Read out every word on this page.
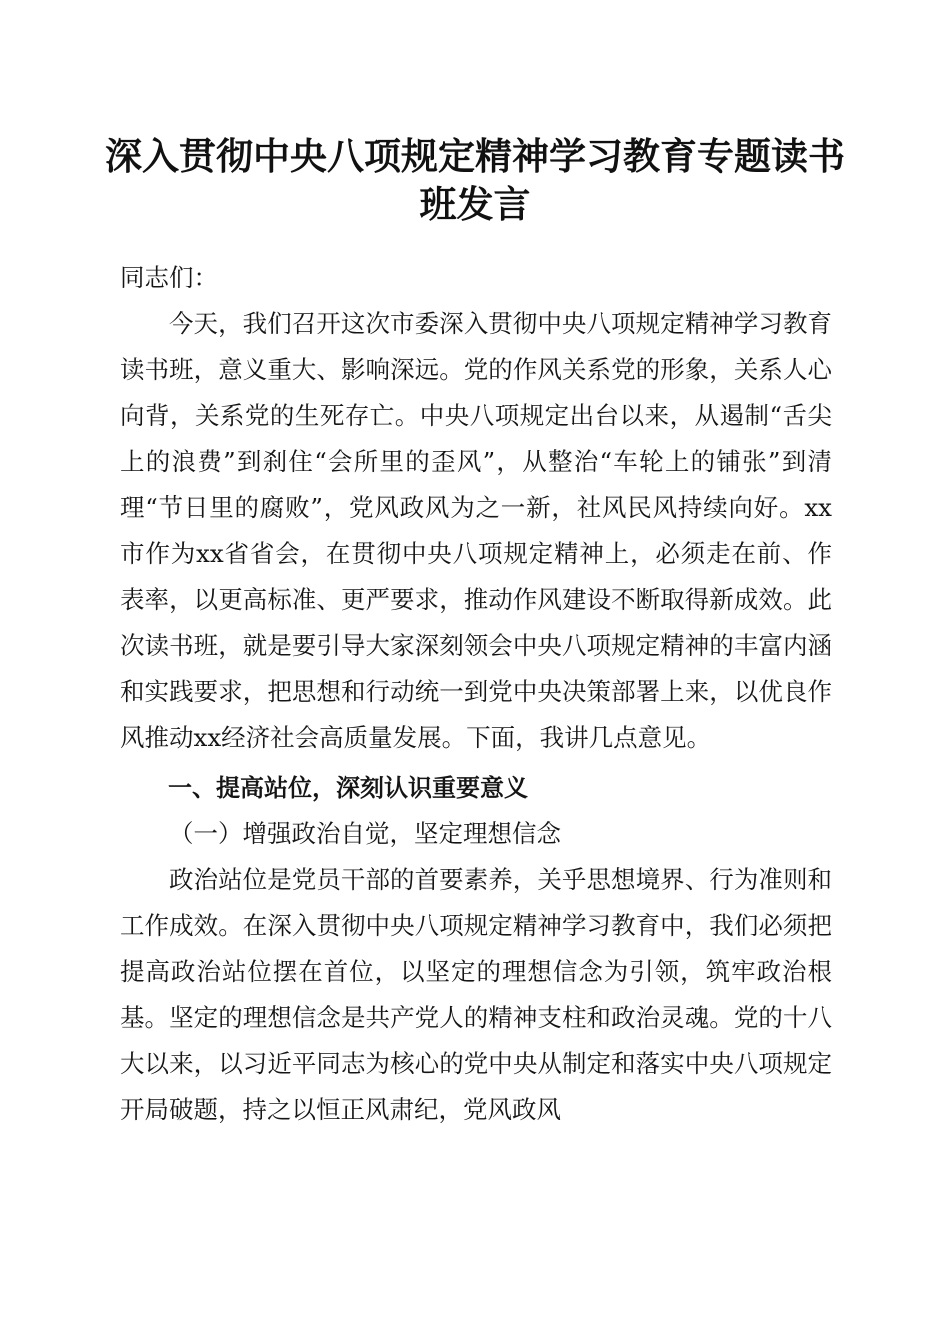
深入贯彻中央八项规定精神学习教育专题读书班发言

同志们：

今天，我们召开这次市委深入贯彻中央八项规定精神学习教育读书班，意义重大、影响深远。党的作风关系党的形象，关系人心向背，关系党的生死存亡。中央八项规定出台以来，从遏制“舌尖上的浪费”到刹住“会所里的歪风”，从整治“车轮上的铺张”到清理“节日里的腐败”，党风政风为之一新，社风民风持续向好。xx市作为xx省省会，在贯彻中央八项规定精神上，必须走在前、作表率，以更高标准、更严要求，推动作风建设不断取得新成效。此次读书班，就是要引导大家深刻领会中央八项规定精神的丰富内涵和实践要求，把思想和行动统一到党中央决策部署上来，以优良作风推动xx经济社会高质量发展。下面，我讲几点意见。

一、提高站位，深刻认识重要意义

（一）增强政治自觉，坚定理想信念

政治站位是党员干部的首要素养，关乎思想境界、行为准则和工作成效。在深入贯彻中央八项规定精神学习教育中，我们必须把提高政治站位摆在首位，以坚定的理想信念为引领，筑牢政治根基。坚定的理想信念是共产党人的精神支柱和政治灵魂。党的十八大以来，以习近平同志为核心的党中央从制定和落实中央八项规定开局破题，持之以恒正风肃纪，党风政风
